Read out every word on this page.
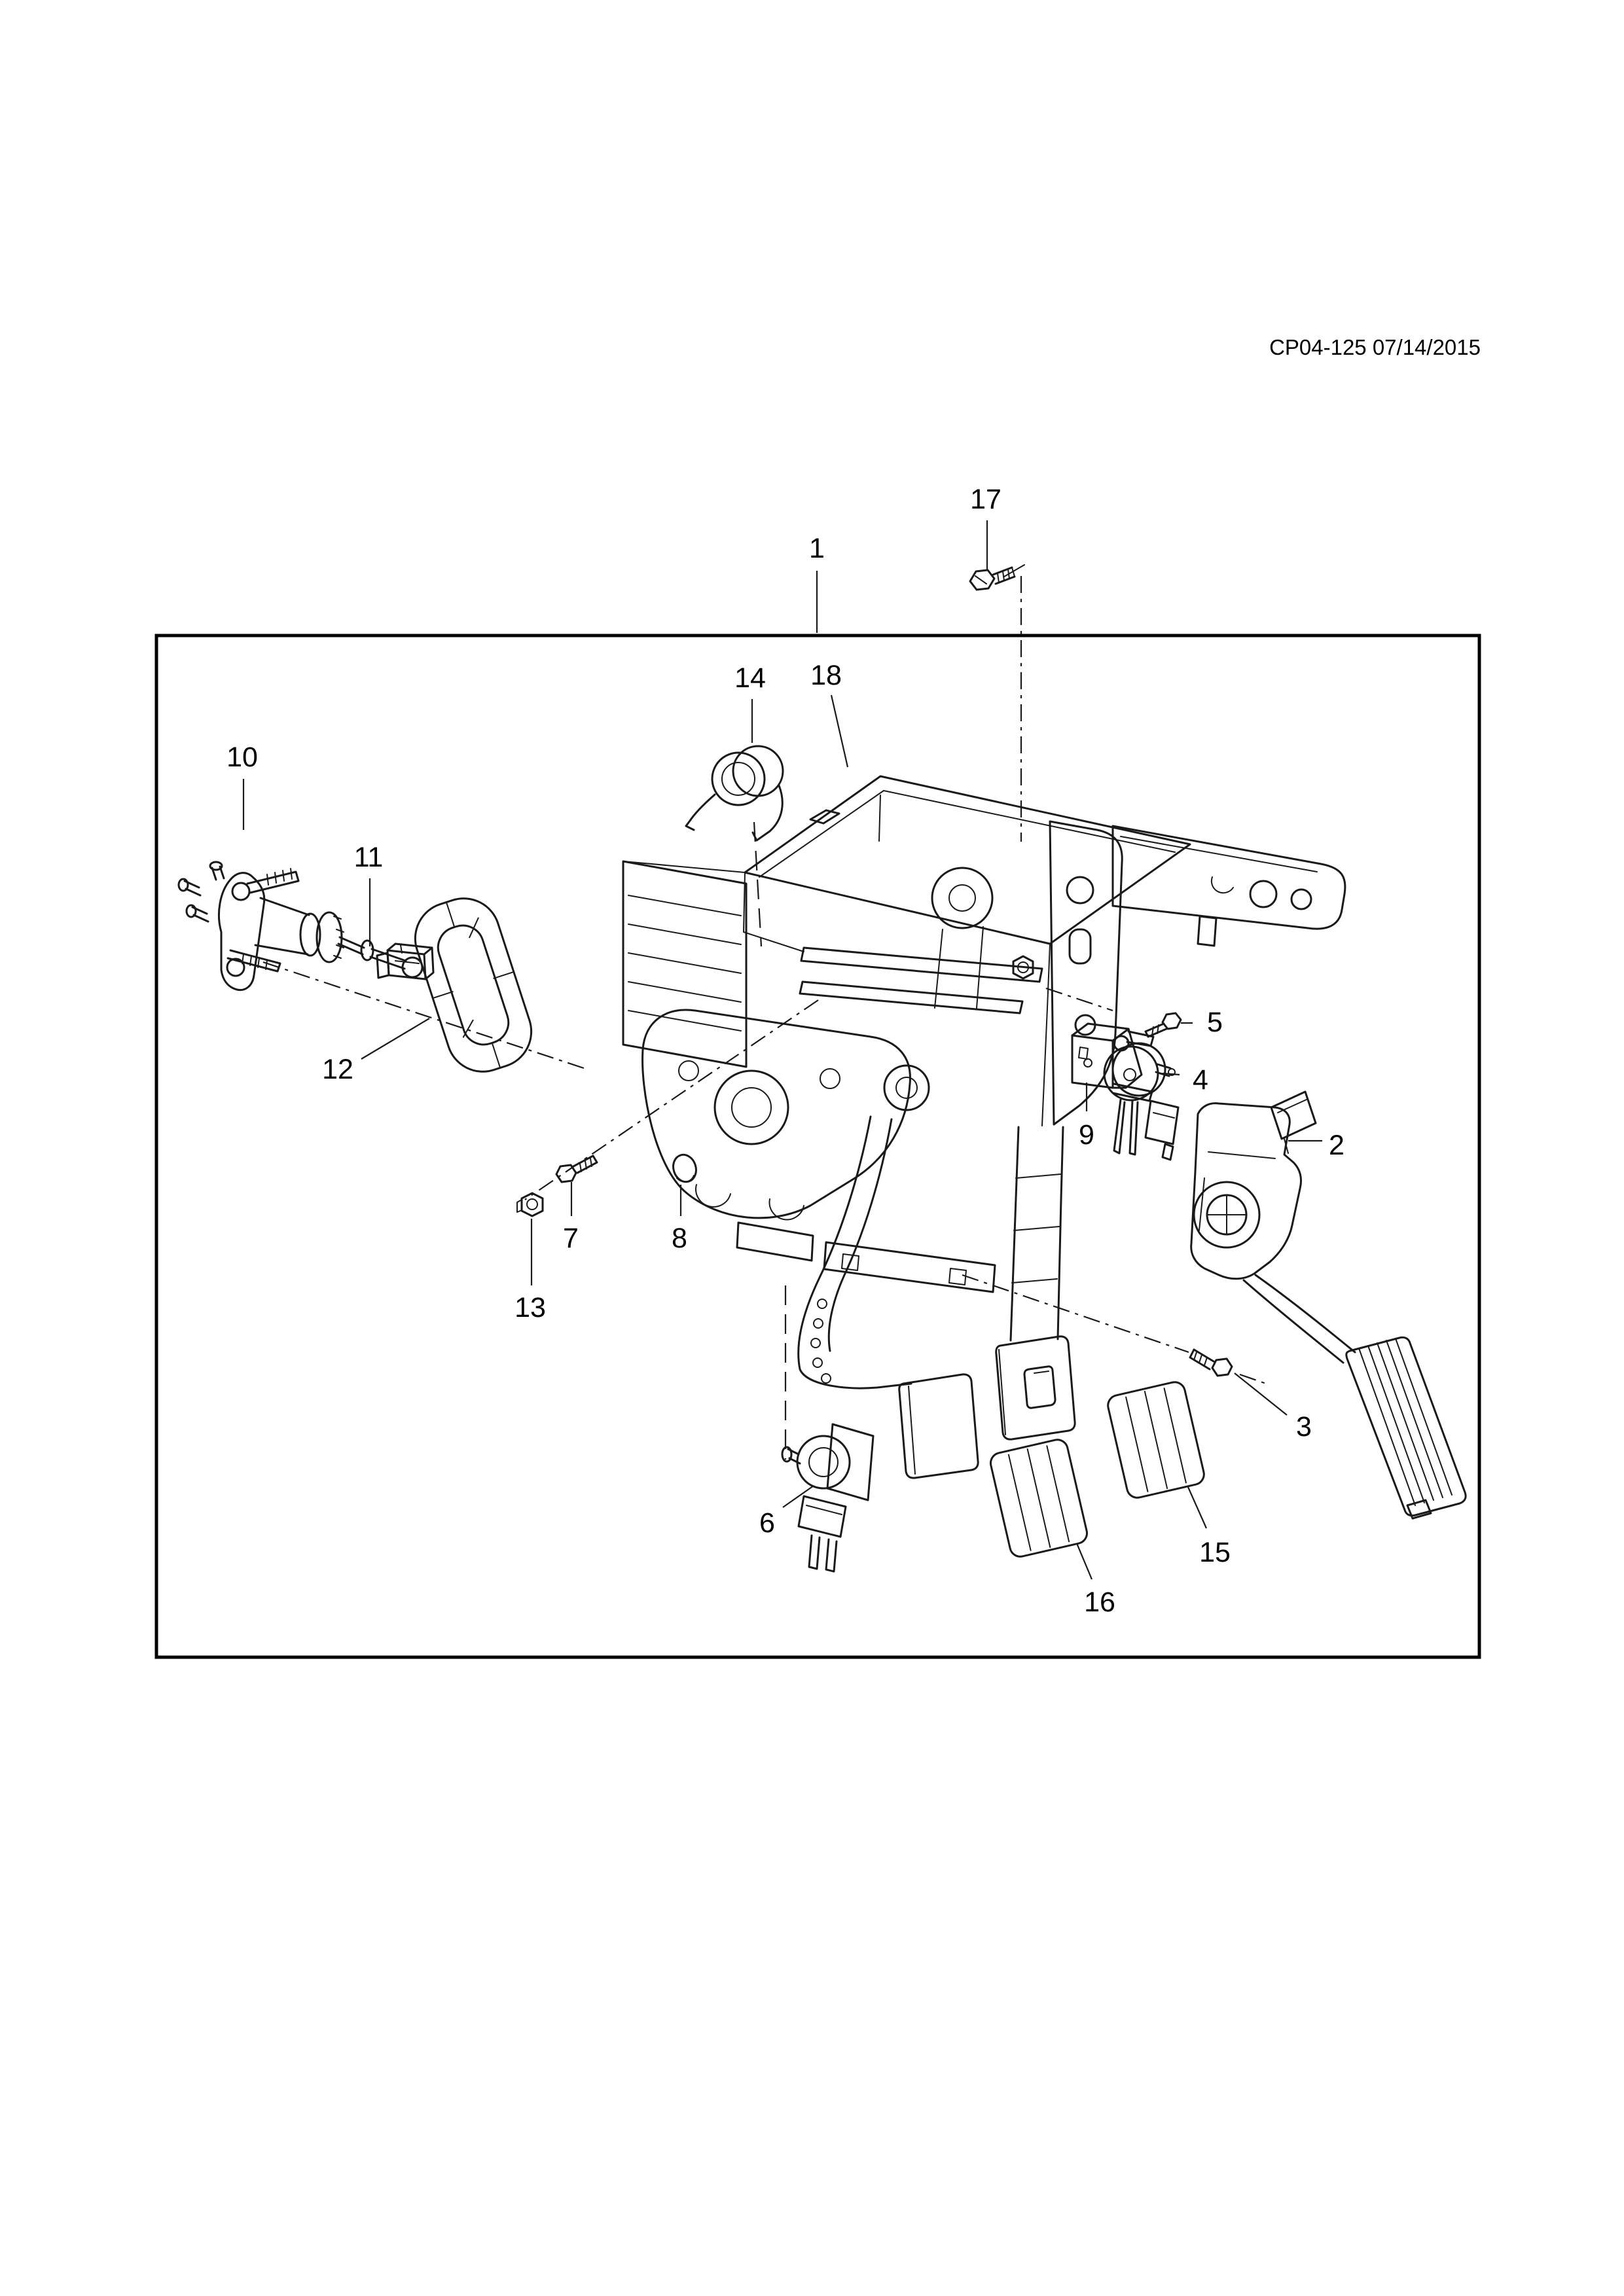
CP04-125 07/14/2015
1
2
3
4
5
6
7	8
9
10
11
12
13
14
15
16
17
18
